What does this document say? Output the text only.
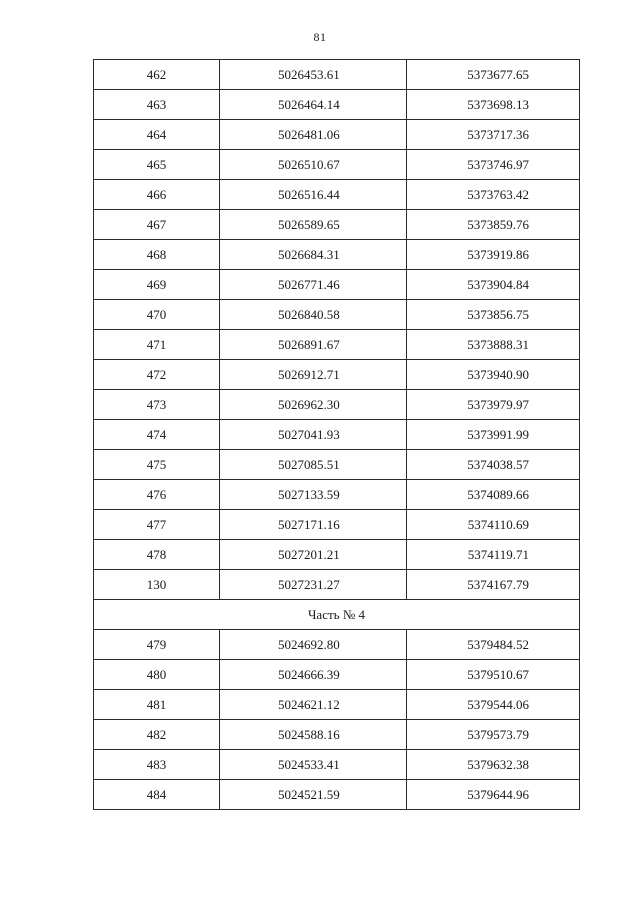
81
462	5026453.61	5373677.65
463	5026464.14	5373698.13
464	5026481.06	5373717.36
465	5026510.67	5373746.97
466	5026516.44	5373763.42
467	5026589.65	5373859.76
468	5026684.31	5373919.86
469	5026771.46	5373904.84
470	5026840.58	5373856.75
471	5026891.67	5373888.31
472	5026912.71	5373940.90
473	5026962.30	5373979.97
474	5027041.93	5373991.99
475	5027085.51	5374038.57
476	5027133.59	5374089.66
477	5027171.16	5374110.69
478	5027201.21	5374119.71
130	5027231.27	5374167.79
Часть № 4		
479	5024692.80	5379484.52
480	5024666.39	5379510.67
481	5024621.12	5379544.06
482	5024588.16	5379573.79
483	5024533.41	5379632.38
484	5024521.59	5379644.96
